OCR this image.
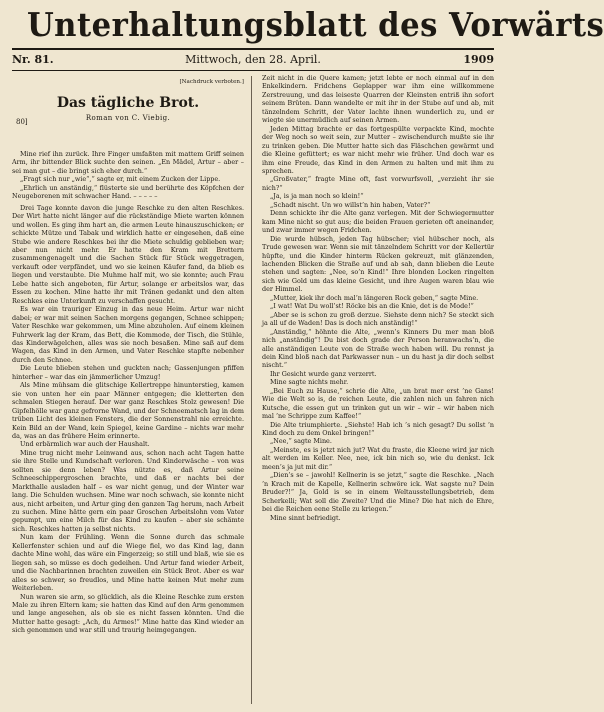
Unterhaltungsblatt des Vorwärts
Nr. 81.	Mittwoch, den 28. April.	1909
[Nachdruck verboten.]
80]
Das tägliche Brot.
Roman von C. Viebig.

Mine rief ihn zurück. Ihre Finger umfaßten mit mattem Griff seinen Arm, ihr bittender Blick suchte den seinen. „En Mädel, Artur – aber – sei man gut – die bringt sich eher durch.“

„Fragt sich nur „wie“,“ sagte er, mit einem Zucken der Lippe.

„Ehrlich un anständig,“ flüsterte sie und berührte des Köpfchen der Neugeborenen mit schwacher Hand. – – – – –

Drei Tage konnte davon die junge Reschke zu den alten Reschkes. Der Wirt hatte nicht länger auf die rückständige Miete warten können und wollen. Es ging ihm hart an, die armen Leute hinauszuschicken; er schickte Mütze und Tabak und wirklich hatte er eingesehen, daß eine Stube wie andere Reschkes bei ihr die Miete schuldig geblieben war; aber nun nicht mehr. Er hatte den Kram mit Brettern zusammengenagelt und die Sachen Stück für Stück weggetragen, verkauft oder verpfändet, und wo sie keinen Käufer fand, da blieb es liegen und verstaubte. Die Muhme half mit, wo sie konnte; auch Frau Lebe hatte sich angeboten, für Artur, solange er arbeitslos war, das Essen zu kochen. Mine hatte ihr mit Tränen gedankt und den alten Reschkes eine Unterkunft zu verschaffen gesucht.

Es war ein trauriger Einzug in das neue Heim. Artur war nicht dabei; er war mit seinen Sachen morgens gegangen, Schnee schippen; Vater Reschke war gekommen, um Mine abzuholen. Auf einem kleinen Fuhrwerk lag der Kram, das Bett, die Kommode, der Tisch, die Stühle, das Kinderwägelchen, alles was sie noch besaßen. Mine saß auf dem Wagen, das Kind in den Armen, und Vater Reschke stapfte nebenher durch den Schnee.

Die Leute blieben stehen und guckten nach; Gassenjungen pfiffen hinterher – war das ein jämmerlicher Umzug!

Als Mine mühsam die glitschige Kellertreppe hinunterstieg, kamen sie von unten her ein paar Männer entgegen; die kletterten den schmalen Stiegen herauf. Der war ganz Reschkes Stolz gewesen! Die Gipfelhölle war ganz gefrorne Wand, und der Schneematsch lag in dem trüben Licht des kleinen Fensters, die der Sonnenstrahl nie erreichte. Kein Bild an der Wand, kein Spiegel, keine Gardine – nichts war mehr da, was an das frühere Heim erinnerte.

Und erbärmlich war auch der Haushalt.

Mine trug nicht mehr Leinwand aus, schon nach acht Tagen hatte sie ihre Stelle und Kundschaft verloren. Und Kinderwäsche – von was sollten sie denn leben? Was nützte es, daß Artur seine Schneeschippergroschen brachte, und daß er nachts bei der Markthalle ausladen half – es war nicht genug, und der Winter war lang. Die Schulden wuchsen. Mine war noch schwach, sie konnte nicht aus, nicht arbeiten, und Artur ging den ganzen Tag herum, nach Arbeit zu suchen. Mine hätte gern ein paar Groschen Arbeitslohn vom Vater gepumpt, um eine Milch für das Kind zu kaufen – aber sie schämte sich. Reschkes hatten ja selbst nichts.

Nun kam der Frühling. Wenn die Sonne durch das schmale Kellerfenster schien und auf die Wiege fiel, wo das Kind lag, dann dachte Mine wohl, das wäre ein Fingerzeig; so still und blaß, wie sie es liegen sah, so müsse es doch gedeihen. Und Artur fand wieder Arbeit, und die Nachbarinnen brachten zuweilen ein Stück Brot. Aber es war alles so schwer, so freudlos, und Mine hatte keinen Mut mehr zum Weiterleben.

Nun waren sie arm, so glücklich, als die Kleine Reschke zum ersten Male zu ihren Eltern kam; sie hatten das Kind auf den Arm genommen und lange angesehen, als ob sie es nicht fassen könnten. Und die Mutter hatte gesagt: „Ach, du Armes!“ Mine hatte das Kind wieder an sich genommen und war still und traurig heimgegangen.

Zeit nicht in die Quere kamen; jetzt lebte er noch einmal auf in den Enkelkindern. Fridchens Geplapper war ihm eine willkommene Zerstreuung, und das leiseste Quarren der Kleinsten entriß ihn sofort seinem Brüten. Dann wandelte er mit ihr in der Stube auf und ab, mit tänzelndem Schritt, der Vater lachte ihnen wunderlich zu, und er wiegte sie unermüdlich auf seinen Armen.

Jeden Mittag brachte er das fortgespülte verpackte Kind, mochte der Weg noch so weit sein, zur Mutter – zwischendurch mußte sie ihr zu trinken geben. Die Mutter hatte sich das Fläschchen gewärmt und die Kleine gefüttert; es war nicht mehr wie früher. Und doch war es ihm eine Freude, das Kind in den Armen zu halten und mit ihm zu sprechen.

„Großvater,“ fragte Mine oft, fast vorwurfsvoll, „verzieht ihr sie nich?“

„Ja, is ja man noch so klein!“

„Schadt nischt. Un wo willst’n hin haben, Vater?“

Denn schickte ihr die Alte ganz verlegen. Mit der Schwiegermutter kam Mine nicht so gut aus; die beiden Frauen gerieten oft aneinander, und zwar immer wegen Fridchen.

Die wurde hübsch, jeden Tag hübscher; viel hübscher noch, als Trude gewesen war. Wenn sie mit tänzelndem Schritt vor der Kellertür hüpfte, und die Kinder hinterm Rücken gekreuzt, mit glänzenden, lachenden Blicken die Straße auf und ab sah, dann blieben die Leute stehen und sagten: „Nee, so’n Kind!“ Ihre blonden Locken ringelten sich wie Gold um das kleine Gesicht, und ihre Augen waren blau wie der Himmel.

„Mutter, kiek ihr doch mal’n längeren Rock geben,“ sagte Mine.

„I wat! Wat Du woll’st! Röcke bis an die Knie, det is de Mode!“

„Aber se is schon zu groß derzue. Siehste denn nich? Se steckt sich ja all uf de Waden! Das is doch nich anständig!“

„Anständig,“ höhnte die Alte, „wenn’s Kinners Du mer man bloß nich „anständig“! Du bist doch grade der Person heranwachs’n, die alle anständigen Leute von de Straße wech haben will. Du rennst ja dein Kind bloß nach dat Parkwasser nun – un du hast ja dir doch selbst nischt.“

Ihr Gesicht wurde ganz verzerrt.

Mine sagte nichts mehr.

„Bei Euch zu Hause,“ schrie die Alte, „un brat mer erst ’ne Gans! Wie die Welt so is, de reichen Leute, die zahlen nich un fahren nich Kutsche, die essen gut un trinken gut un wir – wir – wir haben nich mal ’ne Schrippe zum Kaffee!“

Die Alte triumphierte. „Siehste! Hab ich ’s nich gesagt? Du sollst ’n Kind doch zu dem Onkel bringen!“

„Nee,“ sagte Mine.

„Meinste, es is jetzt nich jut? Wat du fraste, die Kleene wird jar nich alt werden im Keller. Nee, nee, ick bin nich so, wie du denkst. Ick meen’s ja jut mit dir.“

„Dien’s se – jawohl! Kellnerin is se jetzt,“ sagte die Reschke. „Nach ’n Krach mit de Kapelle, Kellnerin schwöre ick. Wat sagste nu? Dein Bruder?!“ Ja, Gold is se in einem Weltausstellungsbetrieb, dem Scherkelli; Wat soll die Zweite? Und die Mine? Die hat nich de Ehre, bei die Reichen eene Stelle zu kriegen.“

Mine sinnt befriedigt.
